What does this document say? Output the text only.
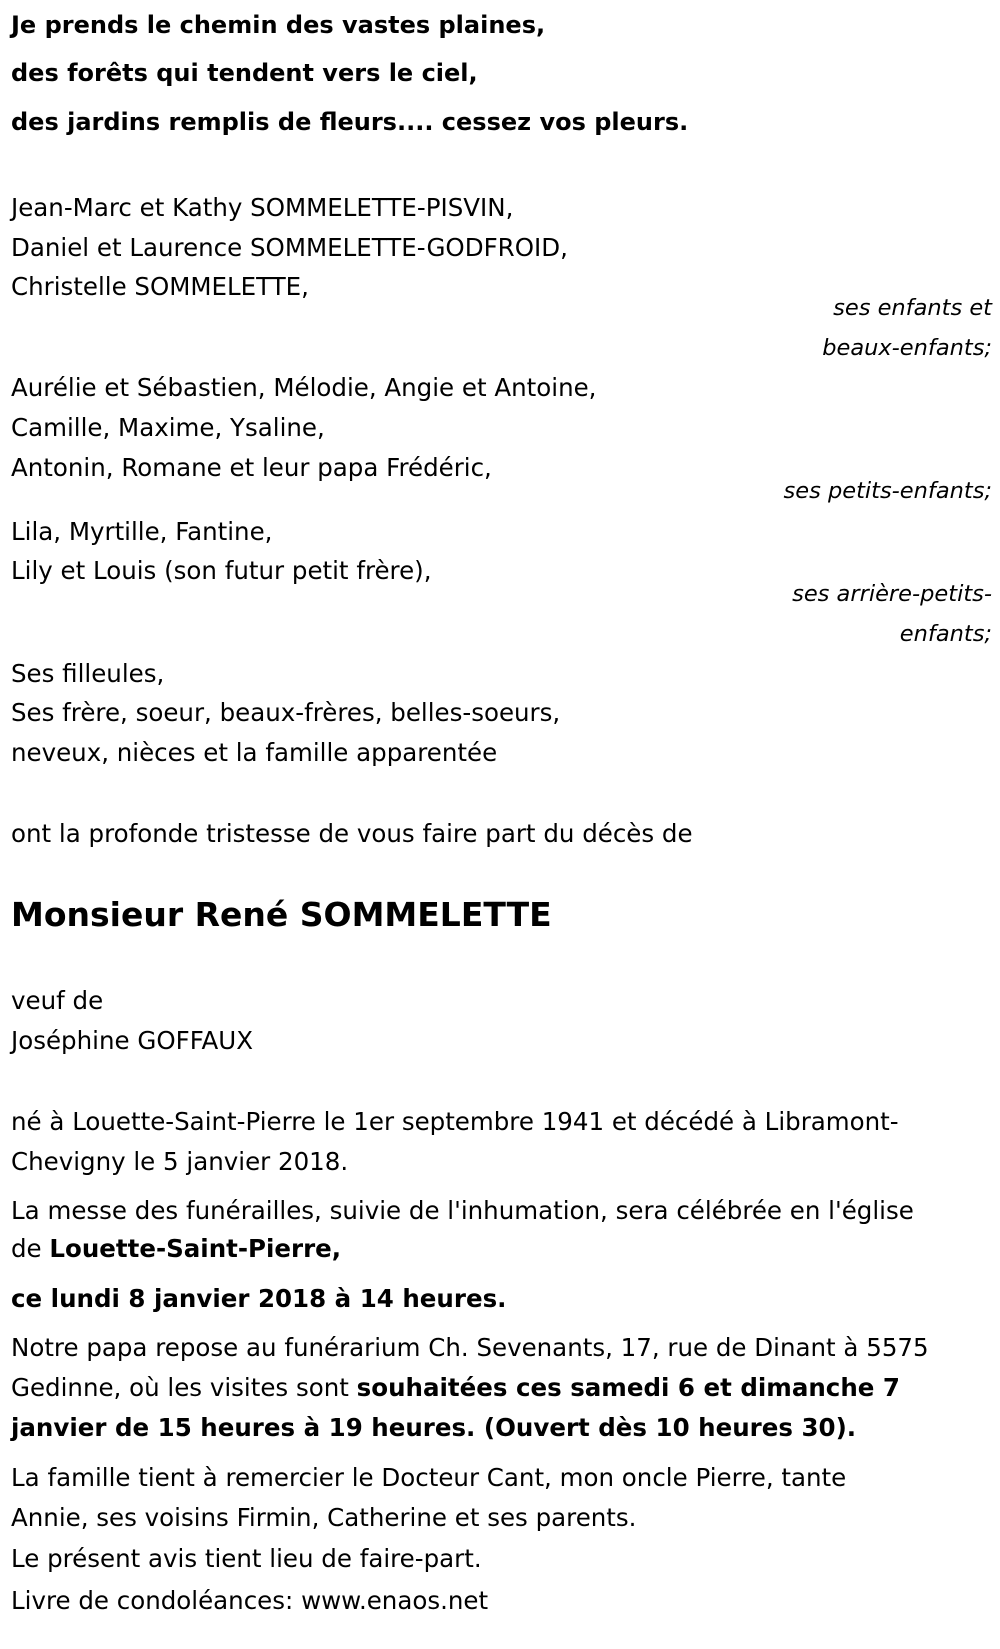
Je prends le chemin des vastes plaines,
des forêts qui tendent vers le ciel,
des jardins remplis de fleurs.... cessez vos pleurs.
Jean-Marc et Kathy SOMMELETTE-PISVIN,
Daniel et Laurence SOMMELETTE-GODFROID,
Christelle SOMMELETTE,
ses enfants et
beaux-enfants;
Aurélie et Sébastien, Mélodie, Angie et Antoine,
Camille, Maxime, Ysaline,
Antonin, Romane et leur papa Frédéric,
ses petits-enfants;
Lila, Myrtille, Fantine,
Lily et Louis (son futur petit frère),
ses arrière-petits-
enfants;
Ses filleules,
Ses frère, soeur, beaux-frères, belles-soeurs,
neveux, nièces et la famille apparentée
ont la profonde tristesse de vous faire part du décès de
Monsieur René SOMMELETTE
veuf de
Joséphine GOFFAUX
né à Louette-Saint-Pierre le 1er septembre 1941 et décédé à Libramont-
Chevigny le 5 janvier 2018.
La messe des funérailles, suivie de l'inhumation, sera célébrée en l'église
de Louette-Saint-Pierre,
ce lundi 8 janvier 2018 à 14 heures.
Notre papa repose au funérarium Ch. Sevenants, 17, rue de Dinant à 5575
Gedinne, où les visites sont souhaitées ces samedi 6 et dimanche 7
janvier de 15 heures à 19 heures. (Ouvert dès 10 heures 30).
La famille tient à remercier le Docteur Cant, mon oncle Pierre, tante
Annie, ses voisins Firmin, Catherine et ses parents.
Le présent avis tient lieu de faire-part.
Livre de condoléances: www.enaos.net
